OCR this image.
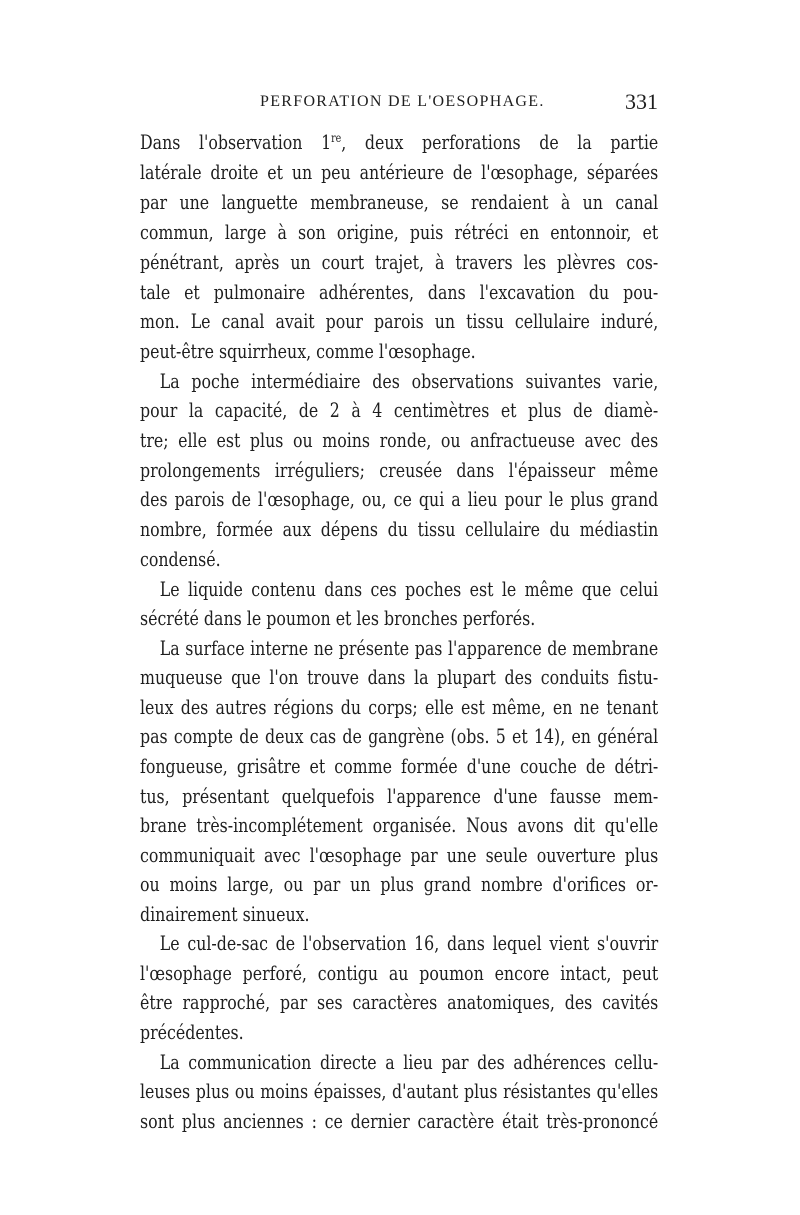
PERFORATION DE L'OESOPHAGE.	331

Dans l'observation 1re, deux perforations de la partie

latérale droite et un peu antérieure de l'œsophage, séparées

par une languette membraneuse, se rendaient à un canal

commun, large à son origine, puis rétréci en entonnoir, et

pénétrant, après un court trajet, à travers les plèvres cos-

tale et pulmonaire adhérentes, dans l'excavation du pou-

mon. Le canal avait pour parois un tissu cellulaire induré,

peut-être squirrheux, comme l'œsophage.

La poche intermédiaire des observations suivantes varie,

pour la capacité, de 2 à 4 centimètres et plus de diamè-

tre; elle est plus ou moins ronde, ou anfractueuse avec des

prolongements irréguliers; creusée dans l'épaisseur même

des parois de l'œsophage, ou, ce qui a lieu pour le plus grand

nombre, formée aux dépens du tissu cellulaire du médiastin

condensé.

Le liquide contenu dans ces poches est le même que celui

sécrété dans le poumon et les bronches perforés.

La surface interne ne présente pas l'apparence de membrane

muqueuse que l'on trouve dans la plupart des conduits fistu-

leux des autres régions du corps; elle est même, en ne tenant

pas compte de deux cas de gangrène (obs. 5 et 14), en général

fongueuse, grisâtre et comme formée d'une couche de détri-

tus, présentant quelquefois l'apparence d'une fausse mem-

brane très-incomplétement organisée. Nous avons dit qu'elle

communiquait avec l'œsophage par une seule ouverture plus

ou moins large, ou par un plus grand nombre d'orifices or-

dinairement sinueux.

Le cul-de-sac de l'observation 16, dans lequel vient s'ouvrir

l'œsophage perforé, contigu au poumon encore intact, peut

être rapproché, par ses caractères anatomiques, des cavités

précédentes.

La communication directe a lieu par des adhérences cellu-

leuses plus ou moins épaisses, d'autant plus résistantes qu'elles

sont plus anciennes : ce dernier caractère était très-prononcé
